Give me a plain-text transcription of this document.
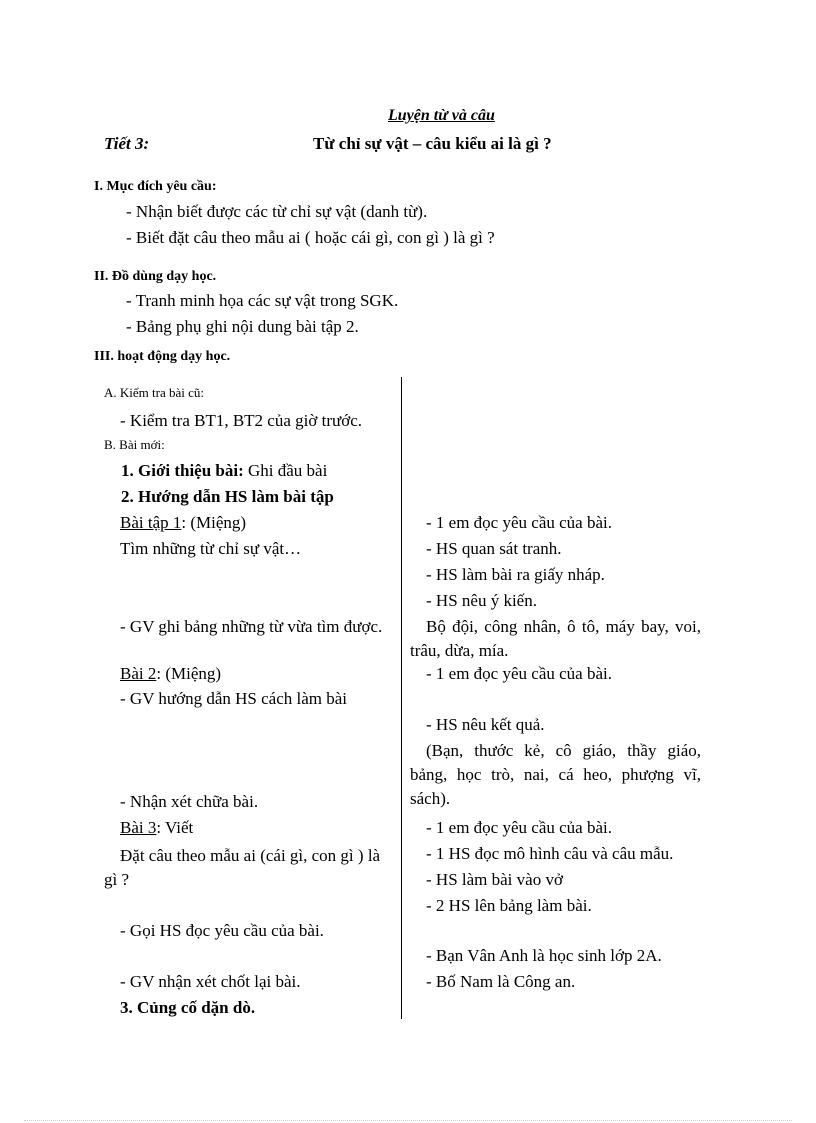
Luyện từ và câu
Tiết 3:	Từ chỉ sự vật – câu kiểu ai là gì ?
I. Mục đích yêu cầu:
- Nhận biết được các từ chỉ sự vật (danh từ).
- Biết đặt câu theo mẫu ai ( hoặc cái gì, con gì ) là gì ?
II. Đồ dùng dạy học.
- Tranh minh họa các sự vật trong SGK.
- Bảng phụ ghi nội dung bài tập 2.
III. hoạt động dạy học.
A. Kiểm tra bài cũ:
- Kiểm tra BT1, BT2 của giờ trước.
B. Bài mới:
1. Giới thiệu bài: Ghi đầu bài
2. Hướng dẫn HS làm bài tập
Bài tập 1: (Miệng)
Tìm những từ chỉ sự vật…
- GV ghi bảng những từ vừa tìm được.
Bài 2: (Miệng)
- GV hướng dẫn HS cách làm bài
- Nhận xét chữa bài.
Bài 3: Viết
Đặt câu theo mẫu ai (cái gì, con gì ) là gì ?
- Gọi HS đọc yêu cầu của bài.
- GV nhận xét chốt lại bài.
3. Củng cố dặn dò.
- 1 em đọc yêu cầu của bài.
- HS quan sát tranh.
- HS làm bài ra giấy nháp.
- HS nêu ý kiến.
Bộ đội, công nhân, ô tô, máy bay, voi, trâu, dừa, mía.
- 1 em đọc yêu cầu của bài.
- HS nêu kết quả.
(Bạn, thước kẻ, cô giáo, thầy giáo, bảng, học trò, nai, cá heo, phượng vĩ, sách).
- 1 em đọc yêu cầu của bài.
- 1 HS đọc mô hình câu và câu mẫu.
- HS làm bài vào vở
- 2 HS lên bảng làm bài.
- Bạn Vân Anh là học sinh lớp 2A.
- Bố Nam là Công an.
